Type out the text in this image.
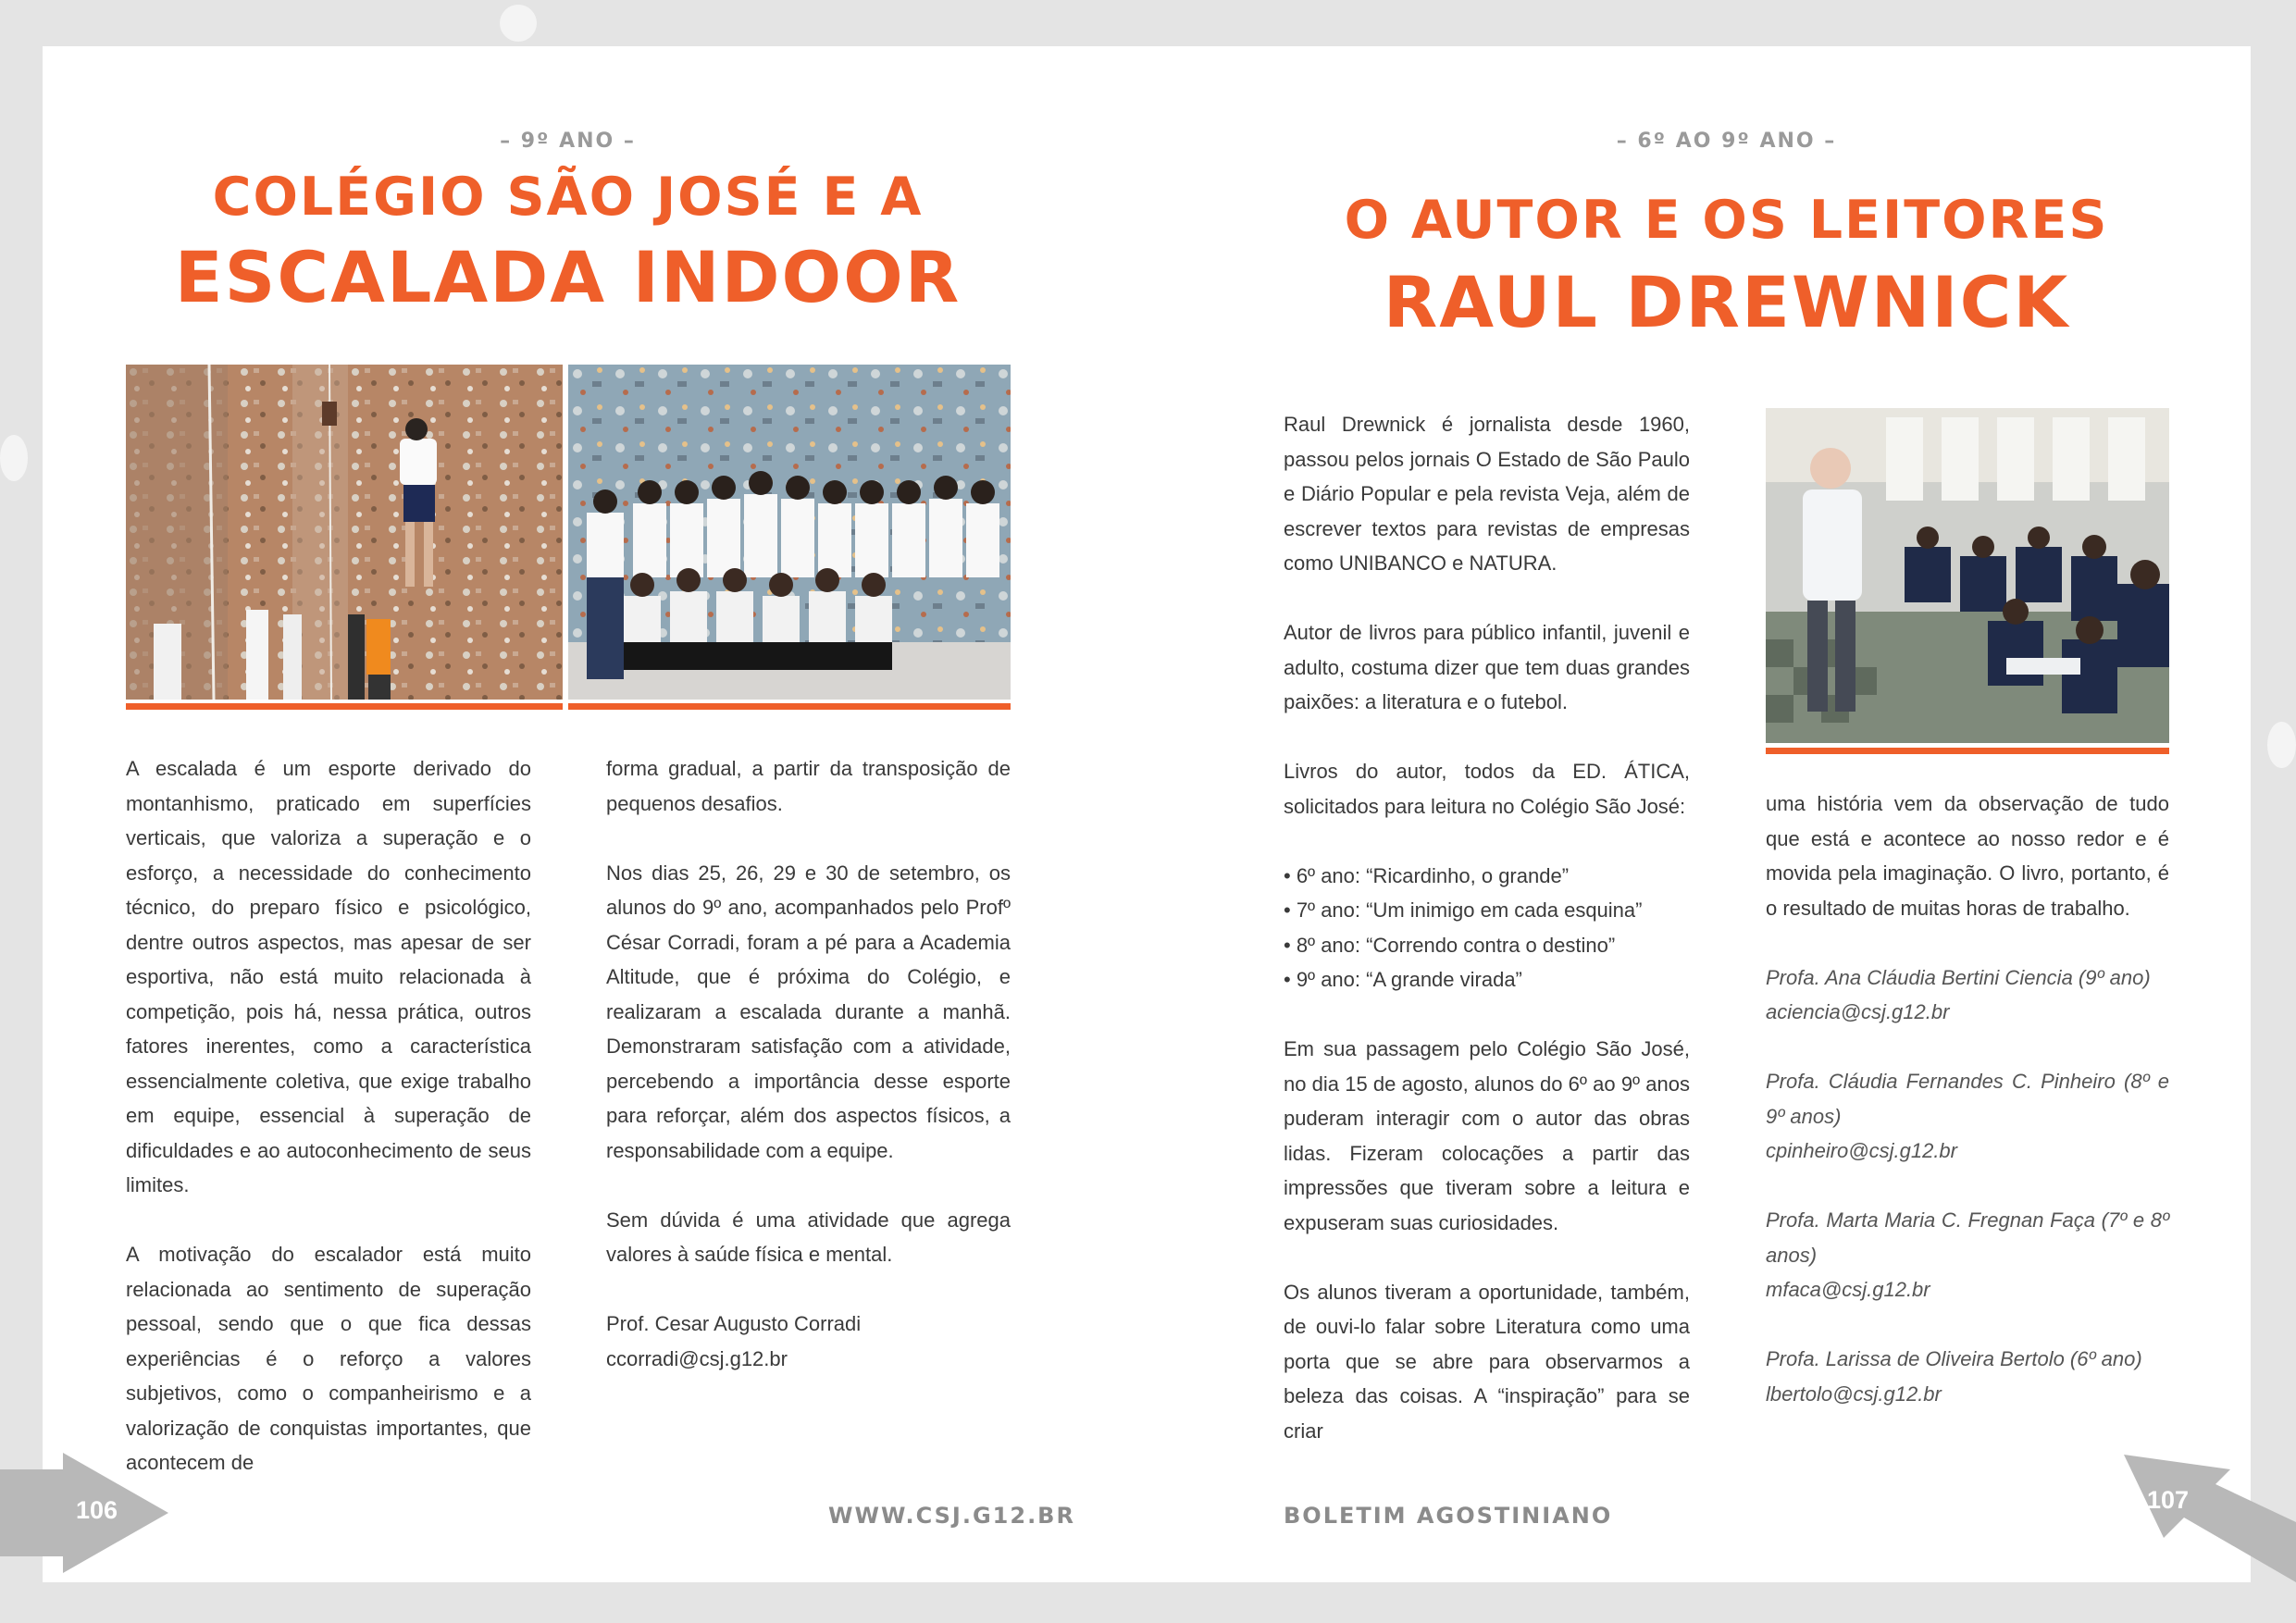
– 9º ANO –
COLÉGIO SÃO JOSÉ E A
ESCALADA INDOOR

A escalada é um esporte derivado do montanhismo, praticado em superfícies verticais, que valoriza a superação e o esforço, a necessidade do conhecimento técnico, do preparo físico e psicológico, dentre outros aspectos, mas apesar de ser esportiva, não está muito relacionada à competição, pois há, nessa prática, outros fatores inerentes, como a característica essencialmente coletiva, que exige trabalho em equipe, essencial à superação de dificuldades e ao autoconhecimento de seus limites.

A motivação do escalador está muito relacionada ao sentimento de superação pessoal, sendo que o que fica dessas experiências é o reforço a valores subjetivos, como o companheirismo e a valorização de conquistas importantes, que acontecem de

forma gradual, a partir da transposição de pequenos desafios.

Nos dias 25, 26, 29 e 30 de setembro, os alunos do 9º ano, acompanhados pelo Profº César Corradi, foram a pé para a Academia Altitude, que é próxima do Colégio, e realizaram a escalada durante a manhã. Demonstraram satisfação com a atividade, percebendo a importância desse esporte para reforçar, além dos aspectos físicos, a responsabilidade com a equipe.

Sem dúvida é uma atividade que agrega valores à saúde física e mental.

Prof. Cesar Augusto Corradi
ccorradi@csj.g12.br
106	WWW.CSJ.G12.BR
– 6º AO 9º ANO –
O AUTOR E OS LEITORES
RAUL DREWNICK

Raul Drewnick é jornalista desde 1960, passou pelos jornais O Estado de São Paulo e Diário Popular e pela revista Veja, além de escrever textos para revistas de empresas como UNIBANCO e NATURA.

Autor de livros para público infantil, juvenil e adulto, costuma dizer que tem duas grandes paixões: a literatura e o futebol.

Livros do autor, todos da ED. ÁTICA, solicitados para leitura no Colégio São José:

• 6º ano: “Ricardinho, o grande”
• 7º ano: “Um inimigo em cada esquina”
• 8º ano: “Correndo contra o destino”
• 9º ano: “A grande virada”

Em sua passagem pelo Colégio São José, no dia 15 de agosto, alunos do 6º ao 9º anos puderam interagir com o autor das obras lidas. Fizeram colocações a partir das impressões que tiveram sobre a leitura e expuseram suas curiosidades.

Os alunos tiveram a oportunidade, também, de ouvi-lo falar sobre Literatura como uma porta que se abre para observarmos a beleza das coisas. A “inspiração” para se criar

uma história vem da observação de tudo que está e acontece ao nosso redor e é movida pela imaginação. O livro, portanto, é o resultado de muitas horas de trabalho.

Profa. Ana Cláudia Bertini Ciencia (9º ano)
aciencia@csj.g12.br
Profa. Cláudia Fernandes C. Pinheiro (8º e 9º anos)
cpinheiro@csj.g12.br
Profa. Marta Maria C. Fregnan Faça (7º e 8º anos)
mfaca@csj.g12.br
Profa. Larissa de Oliveira Bertolo (6º ano)
lbertolo@csj.g12.br
BOLETIM AGOSTINIANO
107
